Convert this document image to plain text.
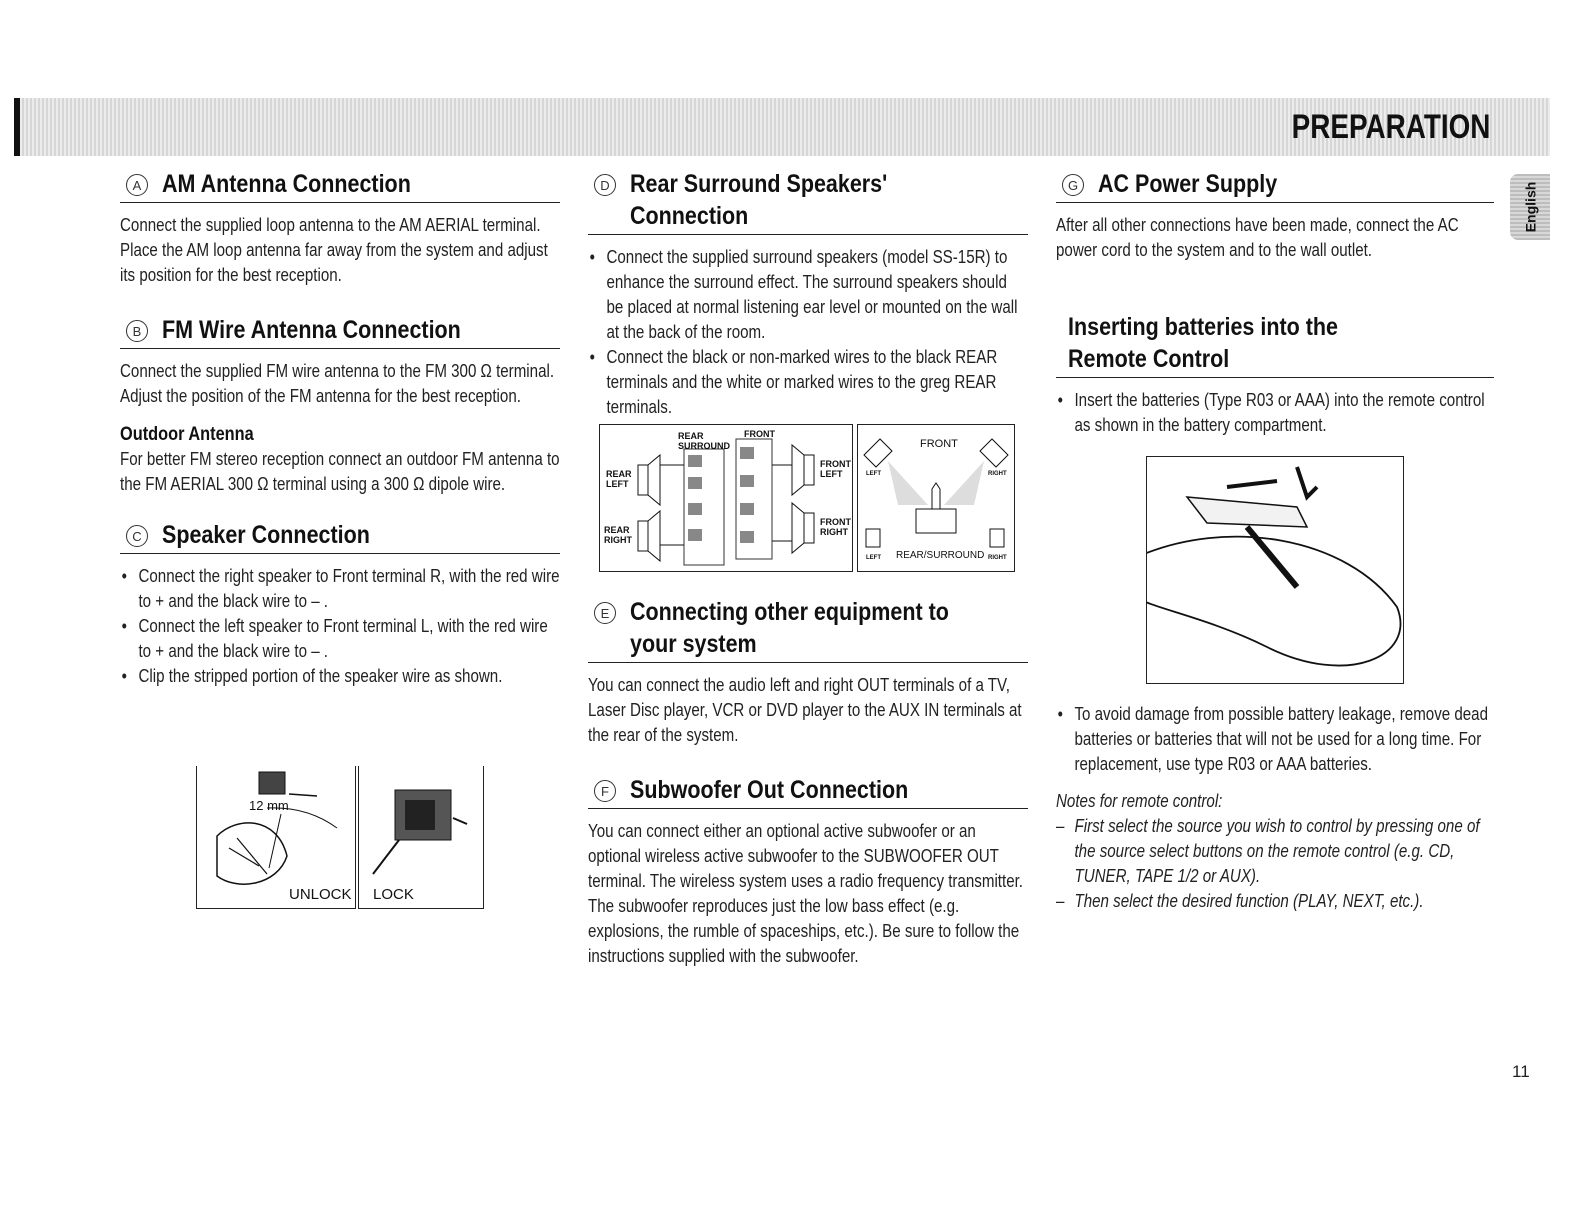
PREPARATION
English
A AM Antenna Connection

Connect the supplied loop antenna to the AM AERIAL terminal. Place the AM loop antenna far away from the system and adjust its position for the best reception.

B FM Wire Antenna Connection

Connect the supplied FM wire antenna to the FM 300 Ω terminal. Adjust the position of the FM antenna for the best reception.

Outdoor Antenna

For better FM stereo reception connect an outdoor FM antenna to the FM AERIAL 300 Ω terminal using a 300 Ω dipole wire.

C Speaker Connection
• Connect the right speaker to Front terminal R, with the red wire to + and the black wire to – .
• Connect the left speaker to Front terminal L, with the red wire to + and the black wire to – .
• Clip the stripped portion of the speaker wire as shown.
12 mm
UNLOCK LOCK
D Rear Surround Speakers' Connection
• Connect the supplied surround speakers (model SS-15R) to enhance the surround effect. The surround speakers should be placed at normal listening ear level or mounted on the wall at the back of the room.
• Connect the black or non-marked wires to the black REAR terminals and the white or marked wires to the greg REAR terminals.
REAR SURROUND
FRONT
REAR LEFT
REAR RIGHT
FRONT LEFT
FRONT RIGHT
FRONT
LEFT	RIGHT
REAR/SURROUND
LEFT	RIGHT
E Connecting other equipment to your system

You can connect the audio left and right OUT terminals of a TV, Laser Disc player, VCR or DVD player to the AUX IN terminals at the rear of the system.

F Subwoofer Out Connection

You can connect either an optional active subwoofer or an optional wireless active subwoofer to the SUBWOOFER OUT terminal. The wireless system uses a radio frequency transmitter. The subwoofer reproduces just the low bass effect (e.g. explosions, the rumble of spaceships, etc.). Be sure to follow the instructions supplied with the subwoofer.

G AC Power Supply

After all other connections have been made, connect the AC power cord to the system and to the wall outlet.

Inserting batteries into the Remote Control
• Insert the batteries (Type R03 or AAA) into the remote control as shown in the battery compartment.
• To avoid damage from possible battery leakage, remove dead batteries or batteries that will not be used for a long time. For replacement, use type R03 or AAA batteries.

Notes for remote control:

– First select the source you wish to control by pressing one of the source select buttons on the remote control (e.g. CD, TUNER, TAPE 1/2 or AUX).

– Then select the desired function (PLAY, NEXT, etc.).

11
